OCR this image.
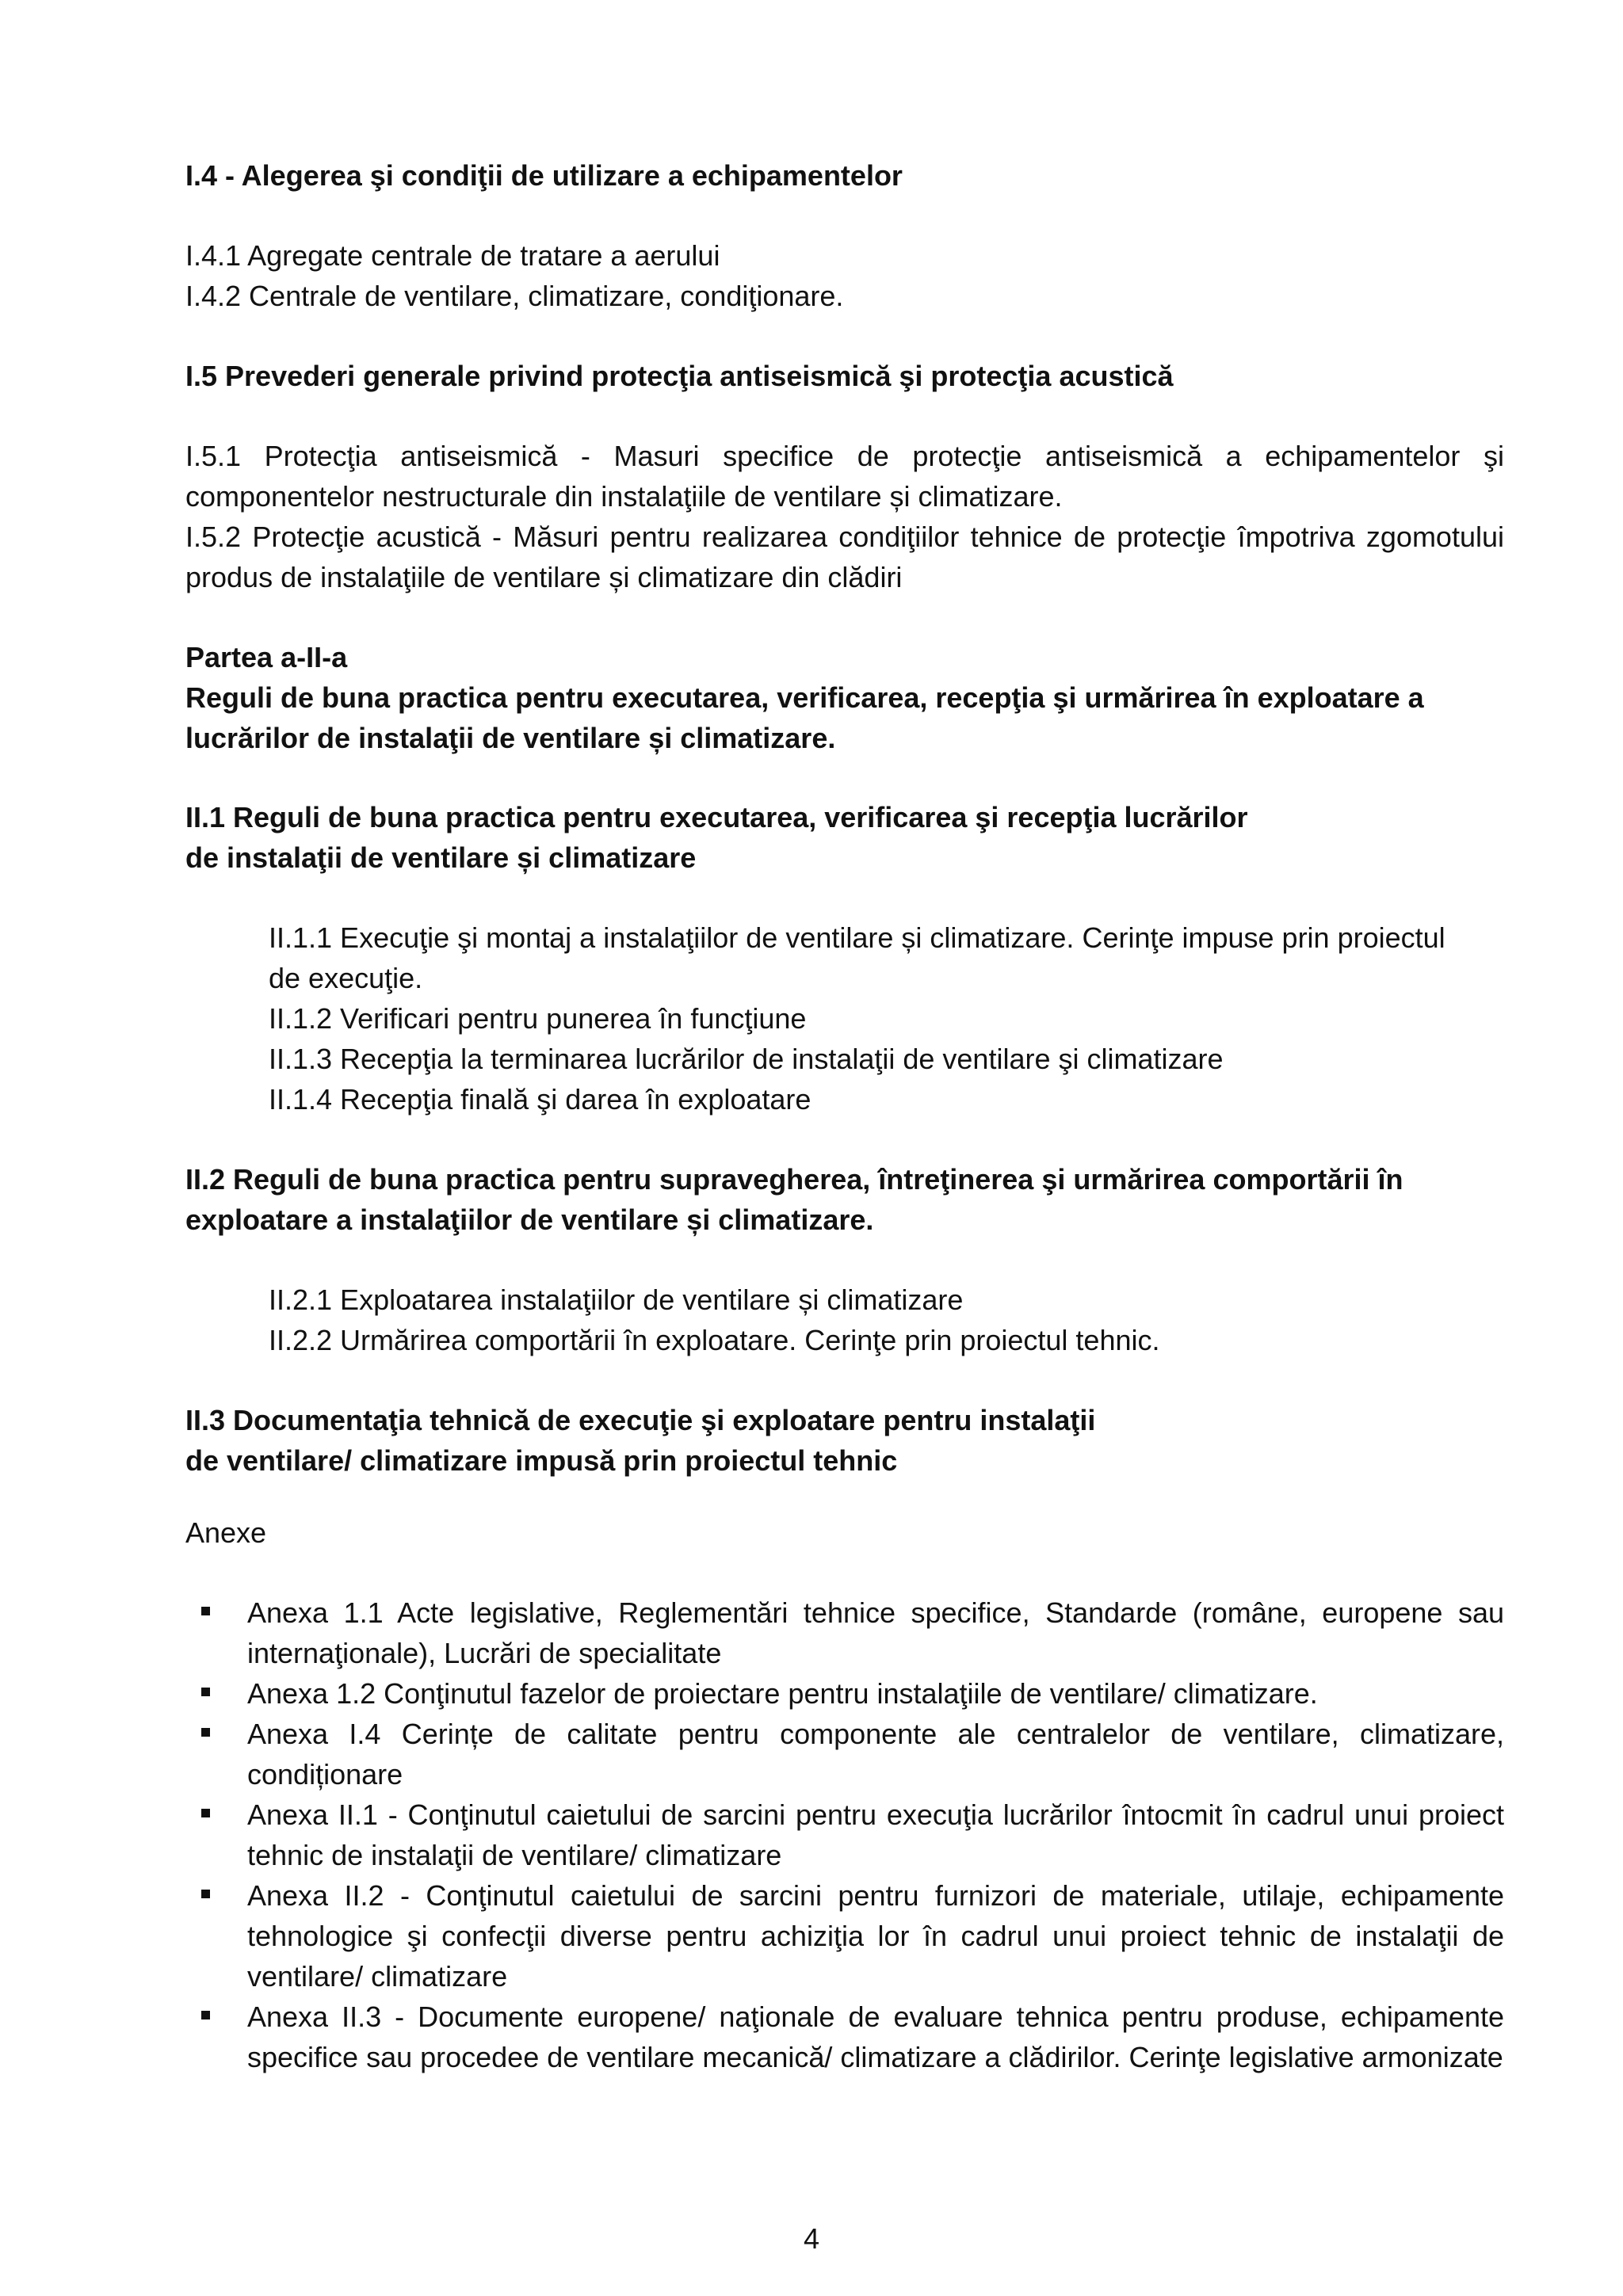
I.4 - Alegerea şi condiţii de utilizare a echipamentelor

I.4.1 Agregate centrale de tratare a aerului

I.4.2 Centrale de ventilare, climatizare, condiţionare.

I.5 Prevederi generale privind protecţia antiseismică şi protecţia acustică

I.5.1 Protecţia antiseismică - Masuri specifice de protecţie antiseismică a echipamentelor şi componentelor nestructurale din instalaţiile de ventilare și climatizare.

I.5.2 Protecţie acustică - Măsuri pentru realizarea condiţiilor tehnice de protecţie împotriva zgomotului produs de instalaţiile de ventilare și climatizare din clădiri

Partea a-II-a

Reguli de buna practica pentru executarea, verificarea, recepţia şi urmărirea în exploatare a lucrărilor de instalaţii de ventilare și climatizare.

II.1 Reguli de buna practica pentru executarea, verificarea şi recepţia lucrărilor

de instalaţii de ventilare și climatizare

II.1.1 Execuţie şi montaj a instalaţiilor de ventilare și climatizare. Cerinţe impuse prin proiectul de execuţie.

II.1.2 Verificari pentru punerea în funcţiune

II.1.3 Recepţia la terminarea lucrărilor de instalaţii de ventilare şi climatizare

II.1.4 Recepţia finală şi darea în exploatare

II.2 Reguli de buna practica pentru supravegherea, întreţinerea şi urmărirea comportării în exploatare a instalaţiilor de ventilare și climatizare.

II.2.1 Exploatarea instalaţiilor de ventilare și climatizare

II.2.2 Urmărirea comportării în exploatare. Cerinţe prin proiectul tehnic.

II.3 Documentaţia tehnică de execuţie şi exploatare pentru instalaţii

de ventilare/ climatizare impusă prin proiectul tehnic

Anexe

Anexa 1.1 Acte legislative, Reglementări tehnice specifice, Standarde (române, europene sau internaţionale), Lucrări de specialitate
Anexa 1.2 Conţinutul fazelor de proiectare pentru instalaţiile de ventilare/ climatizare.
Anexa I.4 Cerințe de calitate pentru componente ale centralelor de ventilare, climatizare, condiționare
Anexa II.1 - Conţinutul caietului de sarcini pentru execuţia lucrărilor întocmit în cadrul unui proiect tehnic de instalaţii de ventilare/ climatizare
Anexa II.2 - Conţinutul caietului de sarcini pentru furnizori de materiale, utilaje, echipamente tehnologice şi confecţii diverse pentru achiziţia lor în cadrul unui proiect tehnic de instalaţii de ventilare/ climatizare
Anexa II.3 - Documente europene/ naţionale de evaluare tehnica pentru produse, echipamente specifice sau procedee de ventilare mecanică/ climatizare a clădirilor. Cerinţe legislative armonizate
4
